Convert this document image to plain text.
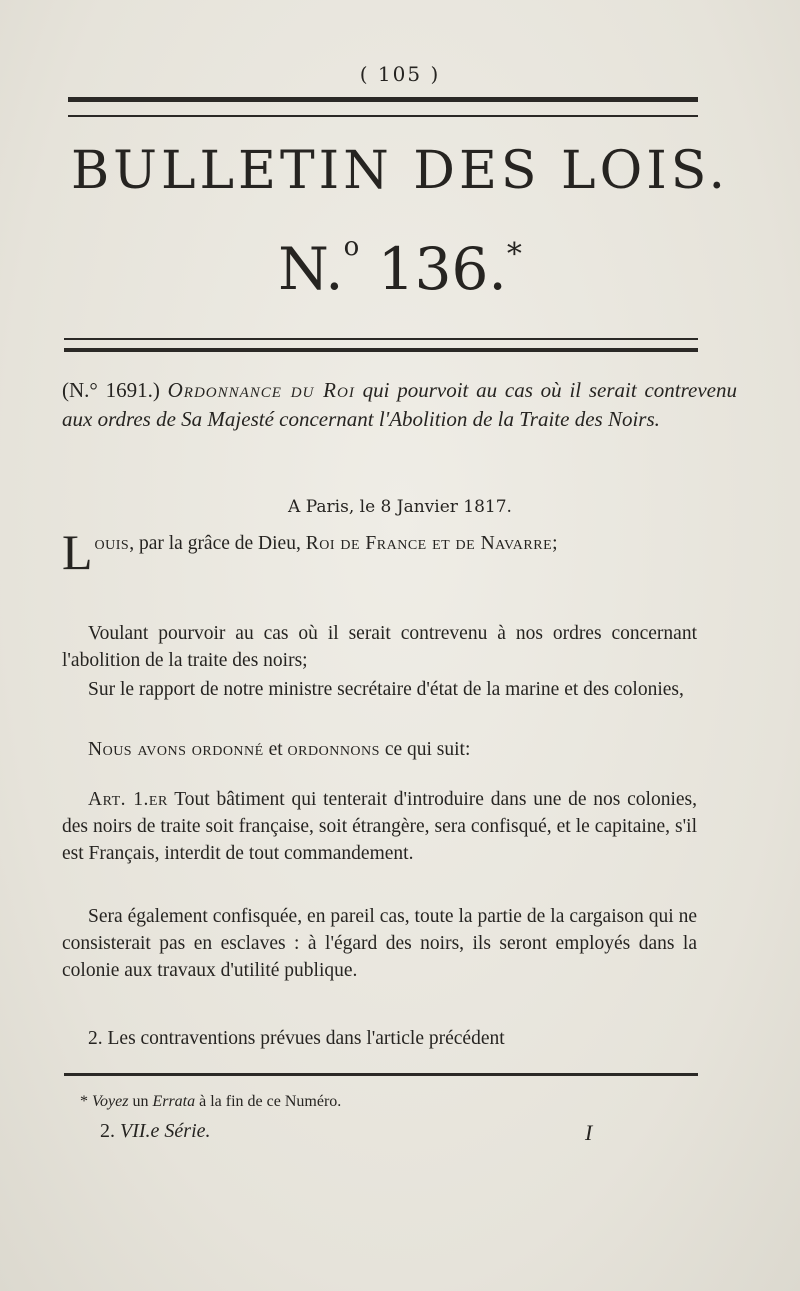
( 105 )
BULLETIN DES LOIS.
N.$^o$ 136.*
(N.° 1691.) Ordonnance du Roi qui pourvoit au cas où il serait contrevenu aux ordres de Sa Majesté concernant l'Abolition de la Traite des Noirs.
A Paris, le 8 Janvier 1817.
Louis, par la grâce de Dieu, Roi de France et de Navarre;
Voulant pourvoir au cas où il serait contrevenu à nos ordres concernant l'abolition de la traite des noirs;
Sur le rapport de notre ministre secrétaire d'état de la marine et des colonies,
Nous avons ordonné et ordonnons ce qui suit:
Art. 1.er Tout bâtiment qui tenterait d'introduire dans une de nos colonies, des noirs de traite soit française, soit étrangère, sera confisqué, et le capitaine, s'il est Français, interdit de tout commandement.
Sera également confisquée, en pareil cas, toute la partie de la cargaison qui ne consisterait pas en esclaves : à l'égard des noirs, ils seront employés dans la colonie aux travaux d'utilité publique.
2. Les contraventions prévues dans l'article précédent
* Voyez un Errata à la fin de ce Numéro.
2. VII.e Série.	I
